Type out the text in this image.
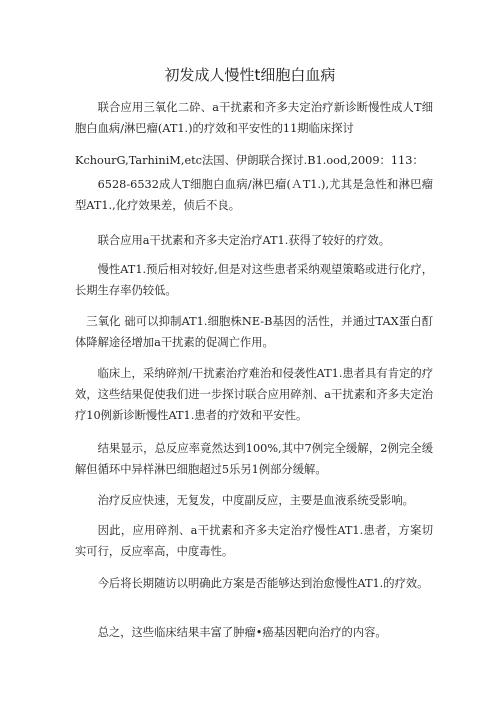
初发成人慢性t细胞白血病

联合应用三氧化二砕、a干扰素和齐多夫定治疗新诊断慢性成人T细胞白血病/淋巴瘤(AT1.)的疗效和平安性的11期临床探讨

KchourG,TarhiniM,etc法国、伊朗联合探讨.B1.ood,2009：113：

6528-6532成人T细胞白血病/淋巴瘤(ＡT1.),尤其是急性和淋巴瘤型AT1.,化疗效果差，侦后不良。

联合应用a干扰素和齐多夫定治疗AT1.获得了较好的疗效。

慢性AT1.预后相对较好,但是对这些患者采纳观望策略或进行化疗，长期生存率仍较低。

三氧化 础可以抑制AT1.细胞株NE-B基因的活性，并通过TAX蛋白酊体降解途径增加a干扰素的促凋亡作用。

临床上，采纳碎剂/干扰素治疗难治和侵袭性AT1.患者具有肯定的疗效，这些结果促使我们进一步探讨联合应用碎剂、a干扰素和齐多夫定治疗10例新诊断慢性AT1.患者的疗效和平安性。

结果显示，总反应率竟然达到100%,其中7例完全缓解，2例完全缓解但循环中异样淋巴细胞超过5乐另1例部分缓解。

治疗反应快速，无复发，中度副反应，主要是血液系统受影响。

因此，应用碎剂、a干扰素和齐多夫定治疗慢性AT1.患者，方案切实可行，反应率高，中度毒性。

今后将长期随访以明确此方案是否能够达到治愈慢性AT1.的疗效。

总之，这些临床结果丰富了肿瘤•癌基因靶向治疗的内容。
